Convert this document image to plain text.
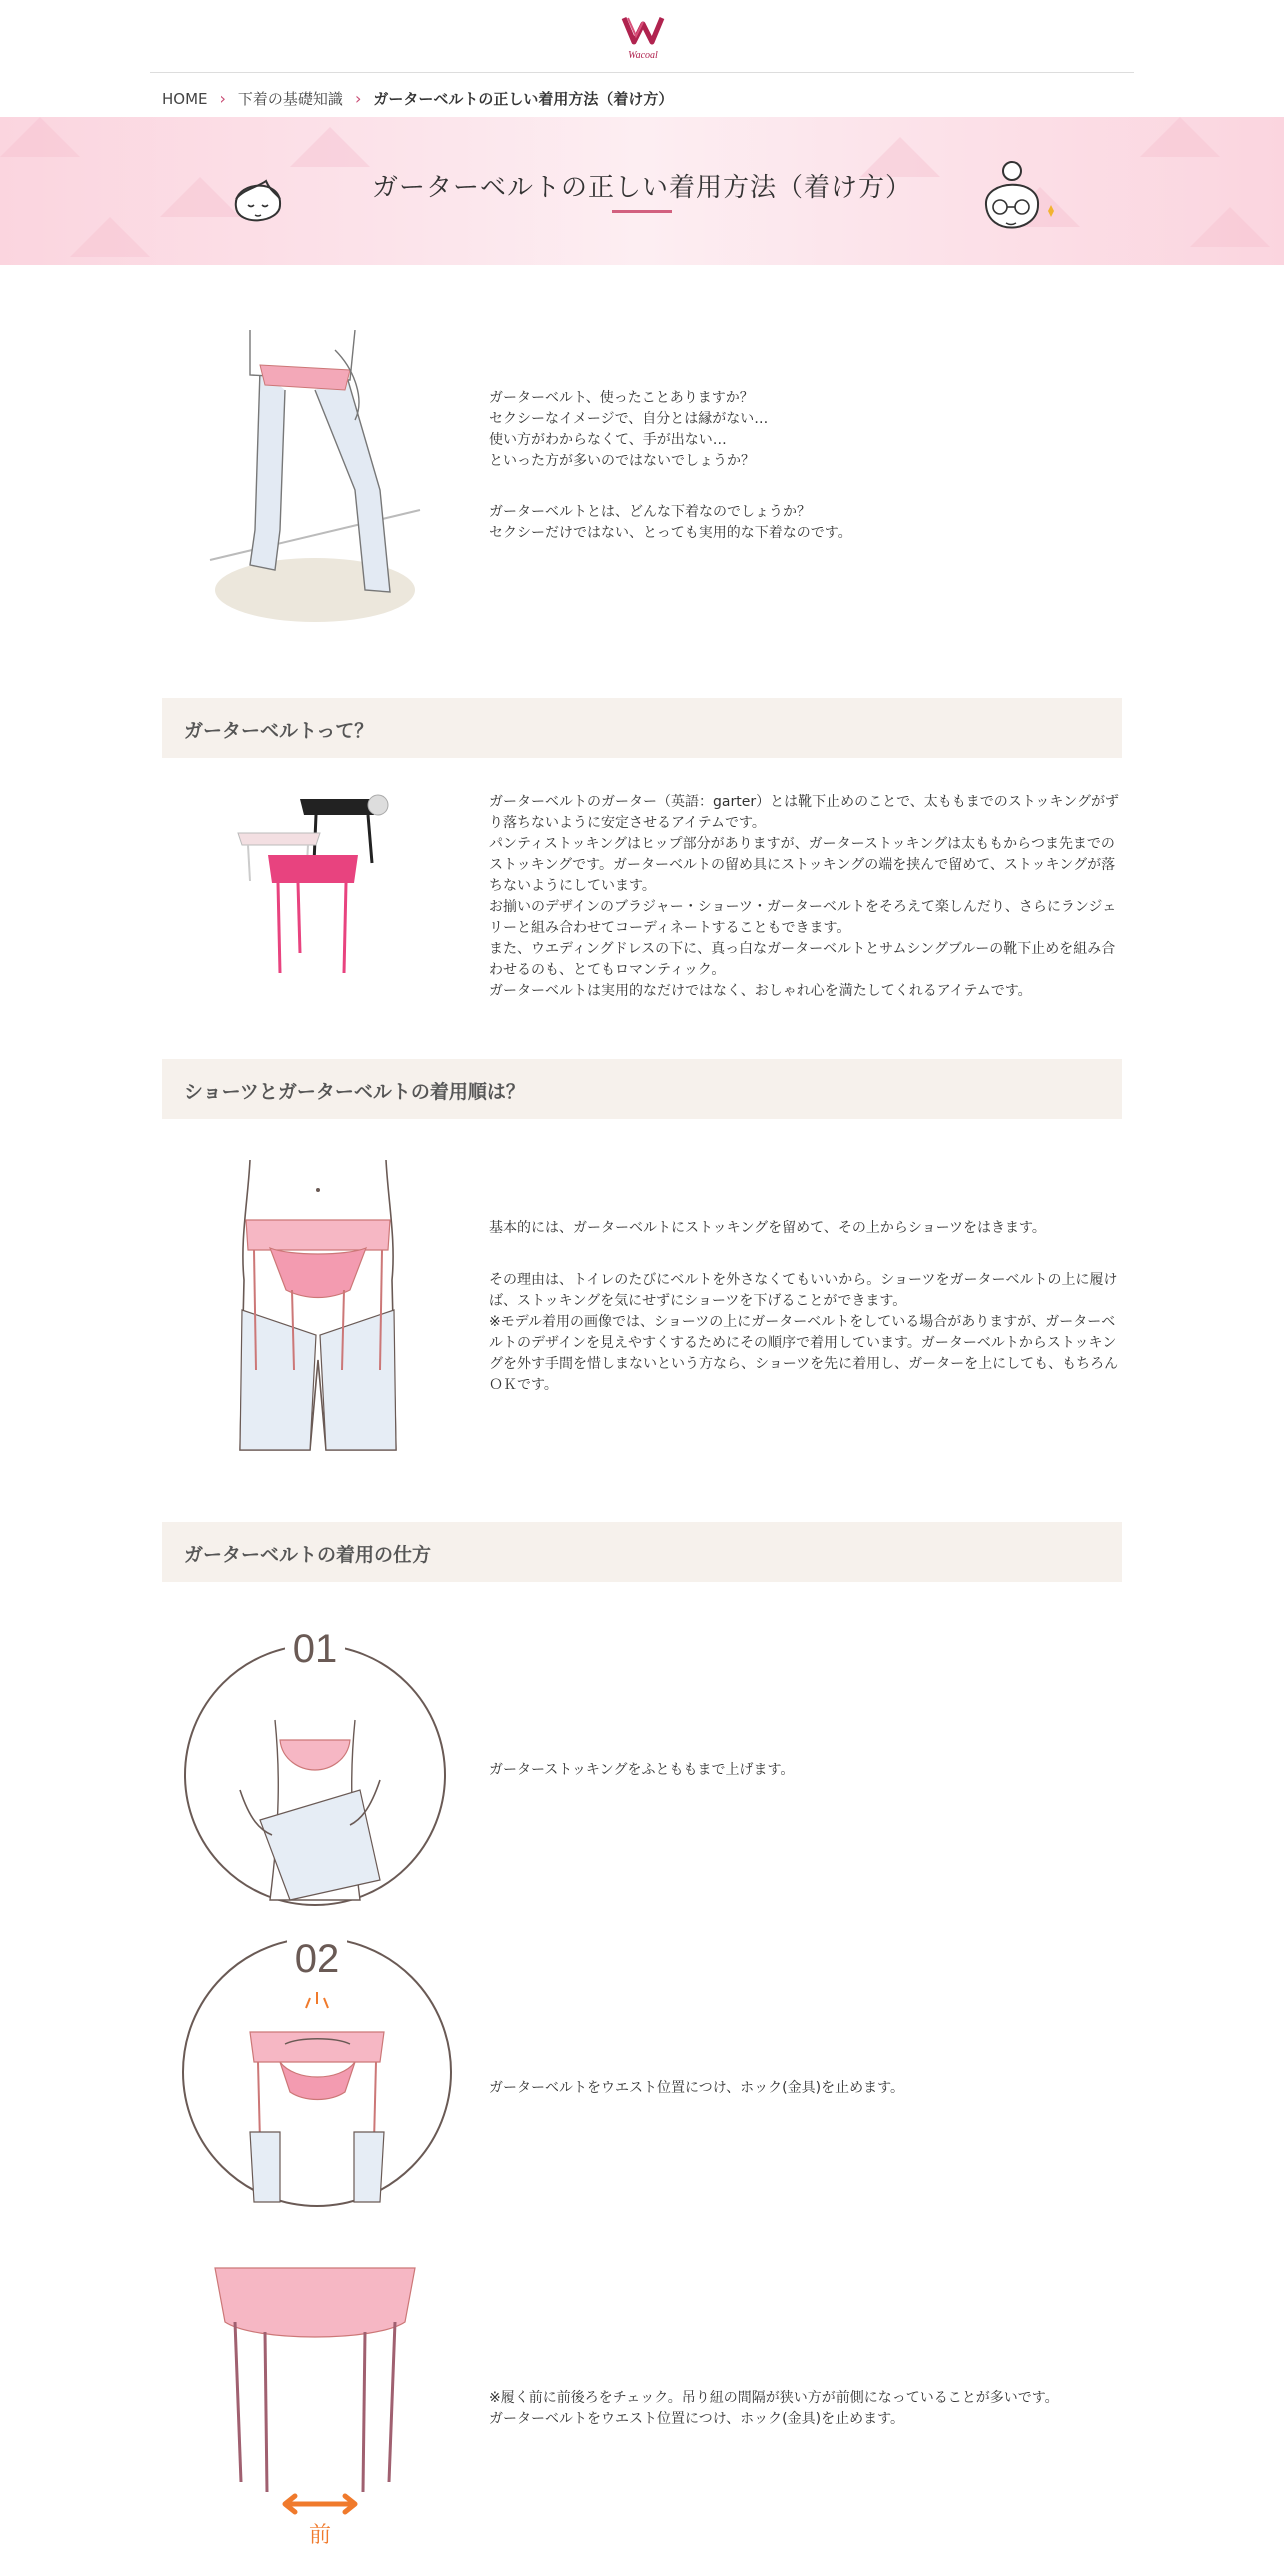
Wacoal
HOME › 下着の基礎知識 › ガーターベルトの正しい着用方法（着け方）
ガーターベルトの正しい着用方法（着け方）

ガーターベルト、使ったことありますか？

セクシーなイメージで、自分とは縁がない…

使い方がわからなくて、手が出ない…

といった方が多いのではないでしょうか？

ガーターベルトとは、どんな下着なのでしょうか？

セクシーだけではない、とっても実用的な下着なのです。

ガーターベルトって？

ガーターベルトのガーター（英語：garter）とは靴下止めのことで、太ももまでのストッキングがずり落ちないように安定させるアイテムです。

パンティストッキングはヒップ部分がありますが、ガーターストッキングは太ももからつま先までのストッキングです。ガーターベルトの留め具にストッキングの端を挟んで留めて、ストッキングが落ちないようにしています。

お揃いのデザインのブラジャー・ショーツ・ガーターベルトをそろえて楽しんだり、さらにランジェリーと組み合わせてコーディネートすることもできます。

また、ウエディングドレスの下に、真っ白なガーターベルトとサムシングブルーの靴下止めを組み合わせるのも、とてもロマンティック。

ガーターベルトは実用的なだけではなく、おしゃれ心を満たしてくれるアイテムです。

ショーツとガーターベルトの着用順は？

基本的には、ガーターベルトにストッキングを留めて、その上からショーツをはきます。

その理由は、トイレのたびにベルトを外さなくてもいいから。ショーツをガーターベルトの上に履けば、ストッキングを気にせずにショーツを下げることができます。

※モデル着用の画像では、ショーツの上にガーターベルトをしている場合がありますが、ガーターベルトのデザインを見えやすくするためにその順序で着用しています。ガーターベルトからストッキングを外す手間を惜しまないという方なら、ショーツを先に着用し、ガーターを上にしても、もちろんＯＫです。

ガーターベルトの着用の仕方
01

ガーターストッキングをふとももまで上げます。

02

ガーターベルトをウエスト位置につけ、ホック(金具)を止めます。

前

※履く前に前後ろをチェック。吊り紐の間隔が狭い方が前側になっていることが多いです。

ガーターベルトをウエスト位置につけ、ホック(金具)を止めます。
